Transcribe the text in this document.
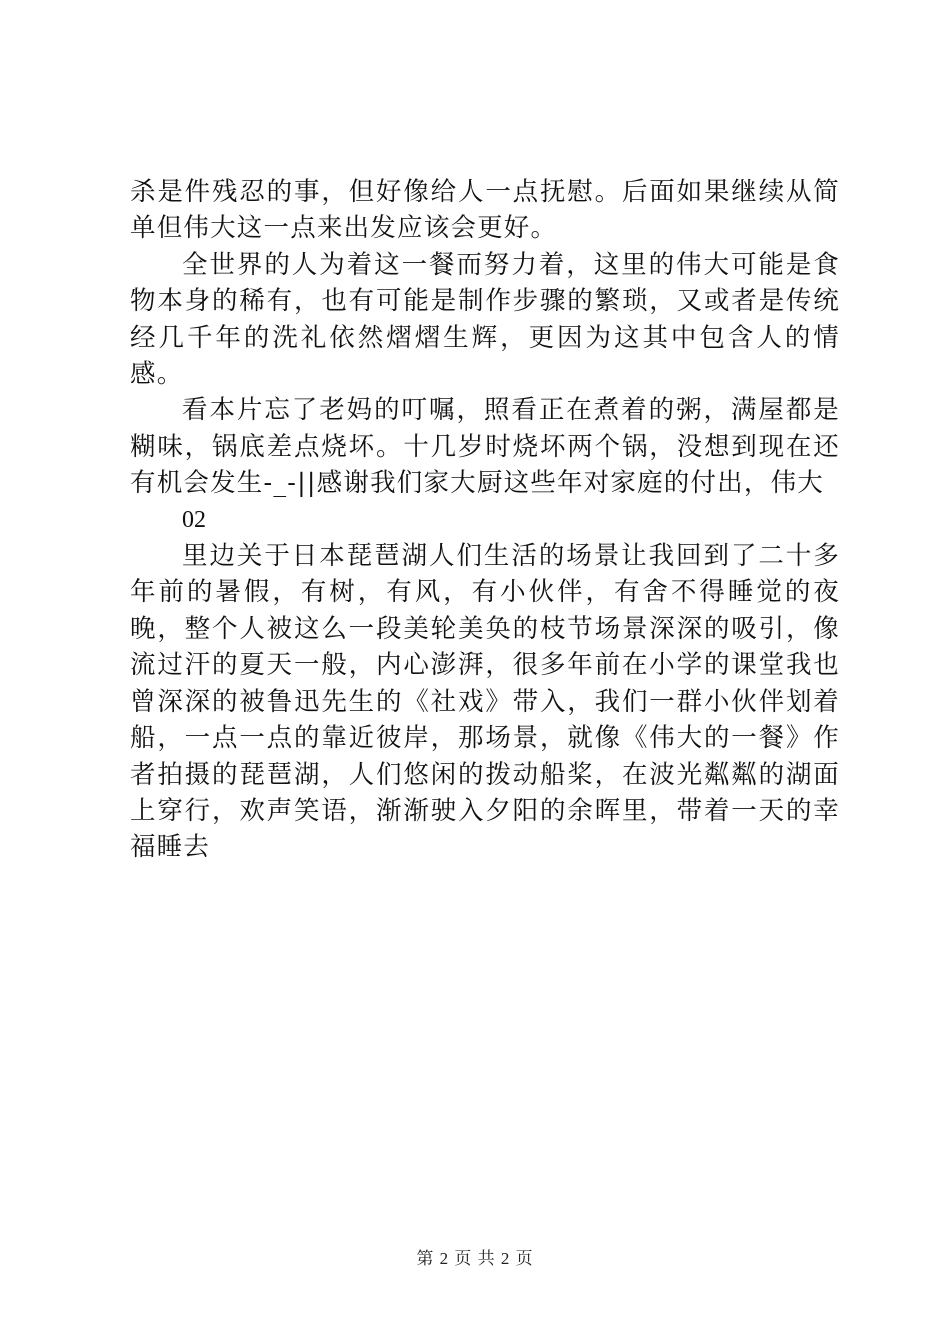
杀是件残忍的事，但好像给人一点抚慰。后面如果继续从简单但伟大这一点来出发应该会更好。

全世界的人为着这一餐而努力着，这里的伟大可能是食物本身的稀有，也有可能是制作步骤的繁琐，又或者是传统经几千年的洗礼依然熠熠生辉，更因为这其中包含人的情感。

看本片忘了老妈的叮嘱，照看正在煮着的粥，满屋都是糊味，锅底差点烧坏。十几岁时烧坏两个锅，没想到现在还有机会发生-_-||感谢我们家大厨这些年对家庭的付出，伟大

02

里边关于日本琵琶湖人们生活的场景让我回到了二十多年前的暑假，有树，有风，有小伙伴，有舍不得睡觉的夜晚，整个人被这么一段美轮美奂的枝节场景深深的吸引，像流过汗的夏天一般，内心澎湃，很多年前在小学的课堂我也曾深深的被鲁迅先生的《社戏》带入，我们一群小伙伴划着船，一点一点的靠近彼岸，那场景，就像《伟大的一餐》作者拍摄的琵琶湖，人们悠闲的拨动船桨，在波光粼粼的湖面上穿行，欢声笑语，渐渐驶入夕阳的余晖里，带着一天的幸福睡去

第 2 页 共 2 页
